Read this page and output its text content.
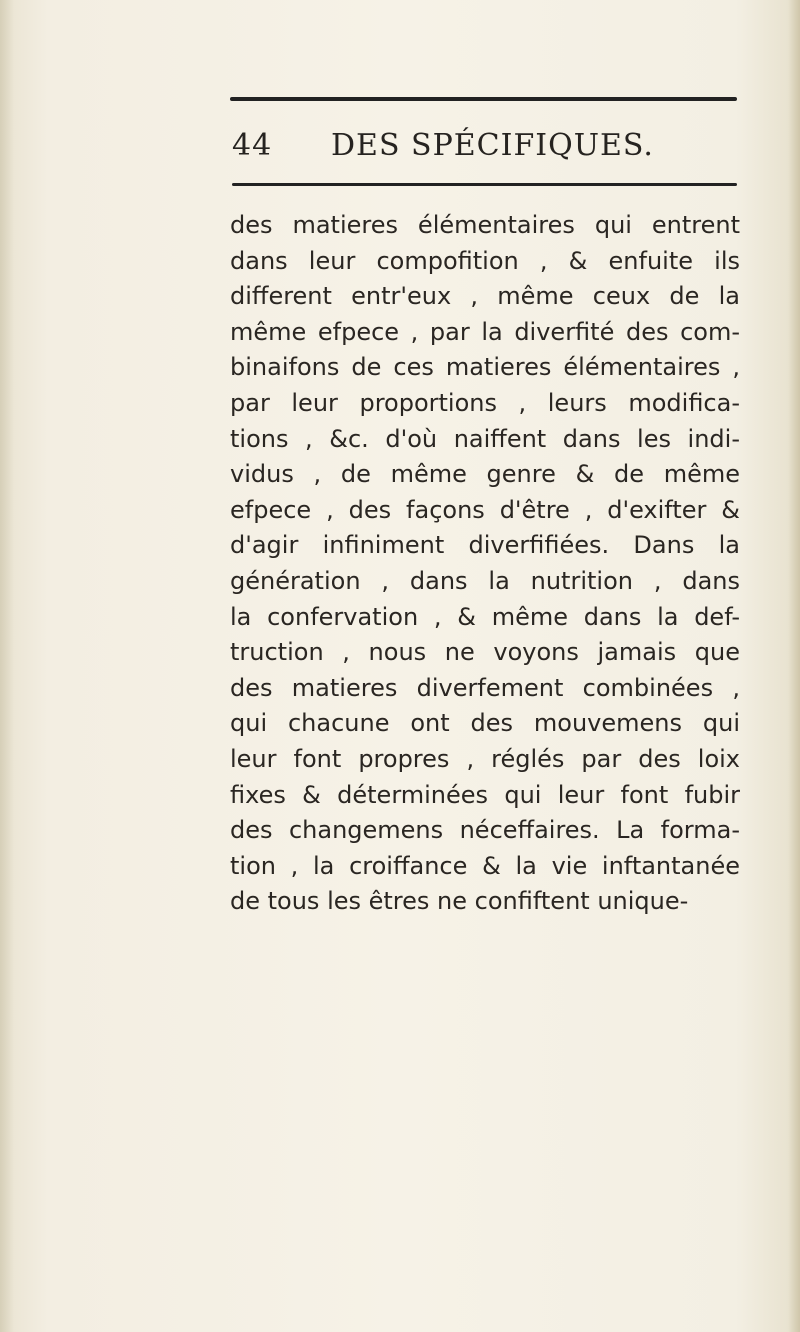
44 DES SPÉCIFIQUES.
des matieres élémentaires qui entrent
dans leur compofition , & enfuite ils
different entr'eux , même ceux de la
même efpece , par la diverfité des com-
binaifons de ces matieres élémentaires ,
par leur proportions , leurs modifica-
tions , &c. d'où naiffent dans les indi-
vidus , de même genre & de même
efpece , des façons d'être , d'exifter &
d'agir infiniment diverfifiées. Dans la
génération , dans la nutrition , dans
la confervation , & même dans la def-
truction , nous ne voyons jamais que
des matieres diverfement combinées ,
qui chacune ont des mouvemens qui
leur font propres , réglés par des loix
fixes & déterminées qui leur font fubir
des changemens néceffaires. La forma-
tion , la croiffance & la vie inftantanée
de tous les êtres ne confiftent unique-
